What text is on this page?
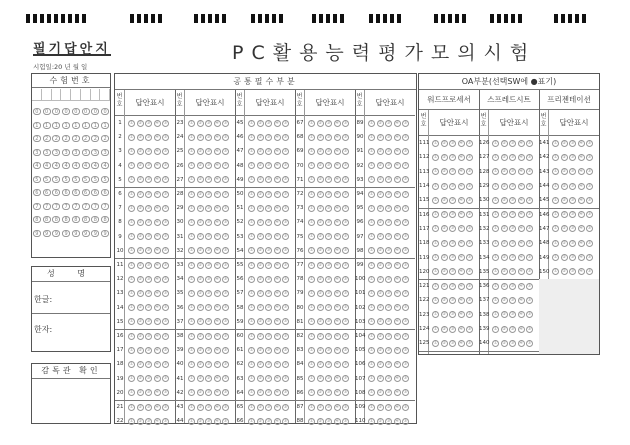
필기답안지
시험일:20 년 월 일
PC활용능력평가모의시험
수험번호
0	0	0	0	0	0	0	0
1	1	1	1	1	1	1	1
2	2	2	2	2	2	2	2
3	3	3	3	3	3	3	3
4	4	4	4	4	4	4	4
5	5	5	5	5	5	5	5
6	6	6	6	6	6	6	6
7	7	7	7	7	7	7	7
8	8	8	8	8	8	8	8
9	9	9	9	9	9	9	9
성 명
한글:
한자:
감독관 확인
공통필수부분
번호	답안표시
1	① ② ③ ④ ⑤
2	① ② ③ ④ ⑤
3	① ② ③ ④ ⑤
4	① ② ③ ④ ⑤
5	① ② ③ ④ ⑤
6	① ② ③ ④ ⑤
7	① ② ③ ④ ⑤
8	① ② ③ ④ ⑤
9	① ② ③ ④ ⑤
10	① ② ③ ④ ⑤
11	① ② ③ ④ ⑤
12	① ② ③ ④ ⑤
13	① ② ③ ④ ⑤
14	① ② ③ ④ ⑤
15	① ② ③ ④ ⑤
16	① ② ③ ④ ⑤
17	① ② ③ ④ ⑤
18	① ② ③ ④ ⑤
19	① ② ③ ④ ⑤
20	① ② ③ ④ ⑤
21	① ② ③ ④ ⑤
22	① ② ③ ④ ⑤
번호	답안표시
23	① ② ③ ④ ⑤
24	① ② ③ ④ ⑤
25	① ② ③ ④ ⑤
26	① ② ③ ④ ⑤
27	① ② ③ ④ ⑤
28	① ② ③ ④ ⑤
29	① ② ③ ④ ⑤
30	① ② ③ ④ ⑤
31	① ② ③ ④ ⑤
32	① ② ③ ④ ⑤
33	① ② ③ ④ ⑤
34	① ② ③ ④ ⑤
35	① ② ③ ④ ⑤
36	① ② ③ ④ ⑤
37	① ② ③ ④ ⑤
38	① ② ③ ④ ⑤
39	① ② ③ ④ ⑤
40	① ② ③ ④ ⑤
41	① ② ③ ④ ⑤
42	① ② ③ ④ ⑤
43	① ② ③ ④ ⑤
44	① ② ③ ④ ⑤
번호	답안표시
45	① ② ③ ④ ⑤
46	① ② ③ ④ ⑤
47	① ② ③ ④ ⑤
48	① ② ③ ④ ⑤
49	① ② ③ ④ ⑤
50	① ② ③ ④ ⑤
51	① ② ③ ④ ⑤
52	① ② ③ ④ ⑤
53	① ② ③ ④ ⑤
54	① ② ③ ④ ⑤
55	① ② ③ ④ ⑤
56	① ② ③ ④ ⑤
57	① ② ③ ④ ⑤
58	① ② ③ ④ ⑤
59	① ② ③ ④ ⑤
60	① ② ③ ④ ⑤
61	① ② ③ ④ ⑤
62	① ② ③ ④ ⑤
63	① ② ③ ④ ⑤
64	① ② ③ ④ ⑤
65	① ② ③ ④ ⑤
66	① ② ③ ④ ⑤
번호	답안표시
67	① ② ③ ④ ⑤
68	① ② ③ ④ ⑤
69	① ② ③ ④ ⑤
70	① ② ③ ④ ⑤
71	① ② ③ ④ ⑤
72	① ② ③ ④ ⑤
73	① ② ③ ④ ⑤
74	① ② ③ ④ ⑤
75	① ② ③ ④ ⑤
76	① ② ③ ④ ⑤
77	① ② ③ ④ ⑤
78	① ② ③ ④ ⑤
79	① ② ③ ④ ⑤
80	① ② ③ ④ ⑤
81	① ② ③ ④ ⑤
82	① ② ③ ④ ⑤
83	① ② ③ ④ ⑤
84	① ② ③ ④ ⑤
85	① ② ③ ④ ⑤
86	① ② ③ ④ ⑤
87	① ② ③ ④ ⑤
88	① ② ③ ④ ⑤
번호	답안표시
89	① ② ③ ④ ⑤
90	① ② ③ ④ ⑤
91	① ② ③ ④ ⑤
92	① ② ③ ④ ⑤
93	① ② ③ ④ ⑤
94	① ② ③ ④ ⑤
95	① ② ③ ④ ⑤
96	① ② ③ ④ ⑤
97	① ② ③ ④ ⑤
98	① ② ③ ④ ⑤
99	① ② ③ ④ ⑤
100 ① ② ③ ④ ⑤
101 ① ② ③ ④ ⑤
102 ① ② ③ ④ ⑤
103 ① ② ③ ④ ⑤
104 ① ② ③ ④ ⑤
105 ① ② ③ ④ ⑤
106 ① ② ③ ④ ⑤
107 ① ② ③ ④ ⑤
108 ① ② ③ ④ ⑤
109 ① ② ③ ④ ⑤
110 ① ② ③ ④ ⑤
OA부분(선택SW에 ●표기)
워드프로세서	스프레드시트	프리젠테이션
번호	답안표시
111 ① ② ③ ④ ⑤
112 ① ② ③ ④ ⑤
113 ① ② ③ ④ ⑤
114 ① ② ③ ④ ⑤
115 ① ② ③ ④ ⑤
116 ① ② ③ ④ ⑤
117 ① ② ③ ④ ⑤
118 ① ② ③ ④ ⑤
119 ① ② ③ ④ ⑤
120 ① ② ③ ④ ⑤
121 ① ② ③ ④ ⑤
122 ① ② ③ ④ ⑤
123 ① ② ③ ④ ⑤
124 ① ② ③ ④ ⑤
125 ① ② ③ ④ ⑤
번호	답안표시
126 ① ② ③ ④ ⑤
127 ① ② ③ ④ ⑤
128 ① ② ③ ④ ⑤
129 ① ② ③ ④ ⑤
130 ① ② ③ ④ ⑤
131 ① ② ③ ④ ⑤
132 ① ② ③ ④ ⑤
133 ① ② ③ ④ ⑤
134 ① ② ③ ④ ⑤
135 ① ② ③ ④ ⑤
136 ① ② ③ ④ ⑤
137 ① ② ③ ④ ⑤
138 ① ② ③ ④ ⑤
139 ① ② ③ ④ ⑤
140 ① ② ③ ④ ⑤
번호	답안표시
141 ① ② ③ ④ ⑤
142 ① ② ③ ④ ⑤
143 ① ② ③ ④ ⑤
144 ① ② ③ ④ ⑤
145 ① ② ③ ④ ⑤
146 ① ② ③ ④ ⑤
147 ① ② ③ ④ ⑤
148 ① ② ③ ④ ⑤
149 ① ② ③ ④ ⑤
150 ① ② ③ ④ ⑤
